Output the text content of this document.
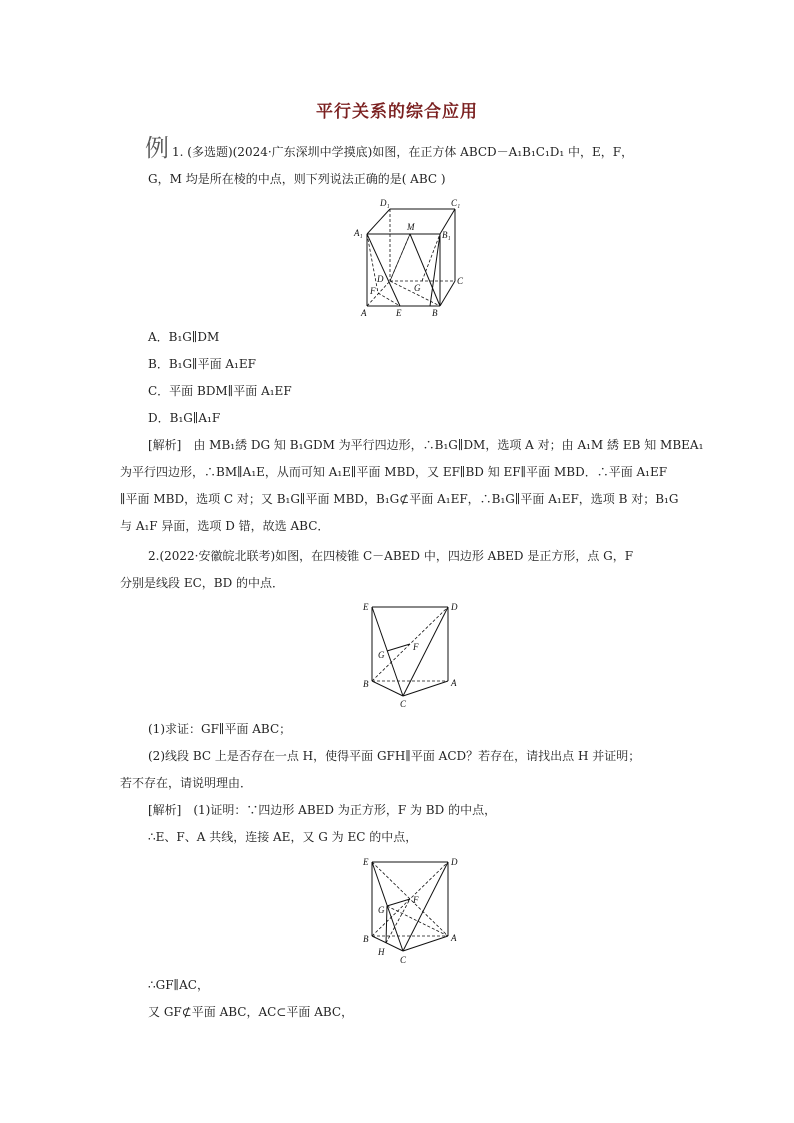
平行关系的综合应用
例 1. (多选题)(2024·广东深圳中学摸底)如图，在正方体 ABCD－A₁B₁C₁D₁ 中，E，F，
G，M 均是所在棱的中点，则下列说法正确的是( ABC )
D₁	C₁
A₁
M
B₁
D	C
F	G
A	E	B
A．B₁G∥DM
B．B₁G∥平面 A₁EF
C．平面 BDM∥平面 A₁EF
D．B₁G∥A₁F
[解析]　由 MB₁綉 DG 知 B₁GDM 为平行四边形，∴B₁G∥DM，选项 A 对；由 A₁M 綉 EB 知 MBEA₁
为平行四边形，∴BM∥A₁E，从而可知 A₁E∥平面 MBD，又 EF∥BD 知 EF∥平面 MBD．∴平面 A₁EF
∥平面 MBD，选项 C 对；又 B₁G∥平面 MBD，B₁G⊄平面 A₁EF，∴B₁G∥平面 A₁EF，选项 B 对；B₁G
与 A₁F 异面，选项 D 错，故选 ABC．
2.(2022·安徽皖北联考)如图，在四棱锥 C－ABED 中，四边形 ABED 是正方形，点 G，F
分别是线段 EC，BD 的中点．
E	D
G
F
B	A
C
(1)求证：GF∥平面 ABC；
(2)线段 BC 上是否存在一点 H，使得平面 GFH∥平面 ACD？若存在，请找出点 H 并证明；
若不存在，请说明理由．
[解析]　(1)证明：∵四边形 ABED 为正方形，F 为 BD 的中点，
∴E、F、A 共线，连接 AE，又 G 为 EC 的中点，
E	D
G
F
B	A
H
C
∴GF∥AC，
又 GF⊄平面 ABC，AC⊂平面 ABC，
